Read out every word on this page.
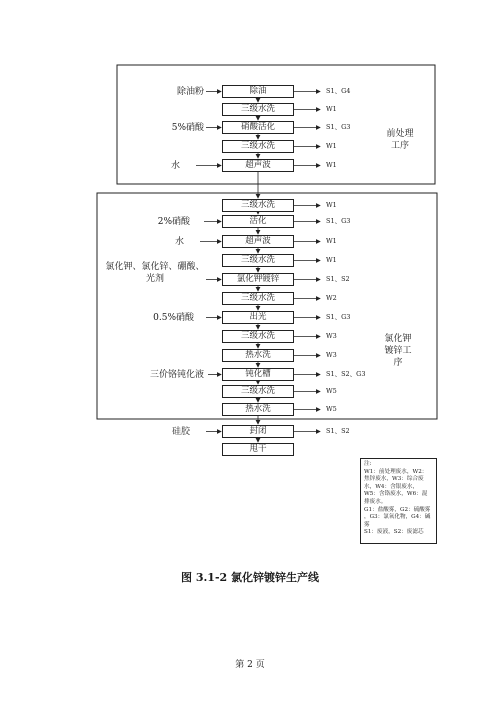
除油	S1、G4
除油粉
三级水洗	W1
硝酸活化	S1、G3
5%硝酸
三级水洗	W1
超声波	W1
水
三级水洗	W1
活化	S1、G3
2%硝酸
超声波	W1
水
三级水洗	W1
氯化钾镀锌	S1、S2
氯化钾、氯化锌、硼酸、光剂
三级水洗	W2
出光	S1、G3
0.5%硝酸
三级水洗	W3
热水洗	W3
钝化槽	S1、S2、G3
三价铬钝化液
三级水洗	W5
热水洗	W5
封闭	S1、S2
硅胶
甩干
前处理工序
氯化钾镀锌工序
注:
W1：前处理废水，W2：
焦锌废水，W3：综合废
水，W4：含银废水，
W5：含铬废水，W6：混
排废水。
G1：盐酸雾，G2：硫酸雾
，G3：氯氧化物，G4：碱
雾
S1：废液，S2：废滤芯
图 3.1-2 氯化锌镀锌生产线
第 2 页
